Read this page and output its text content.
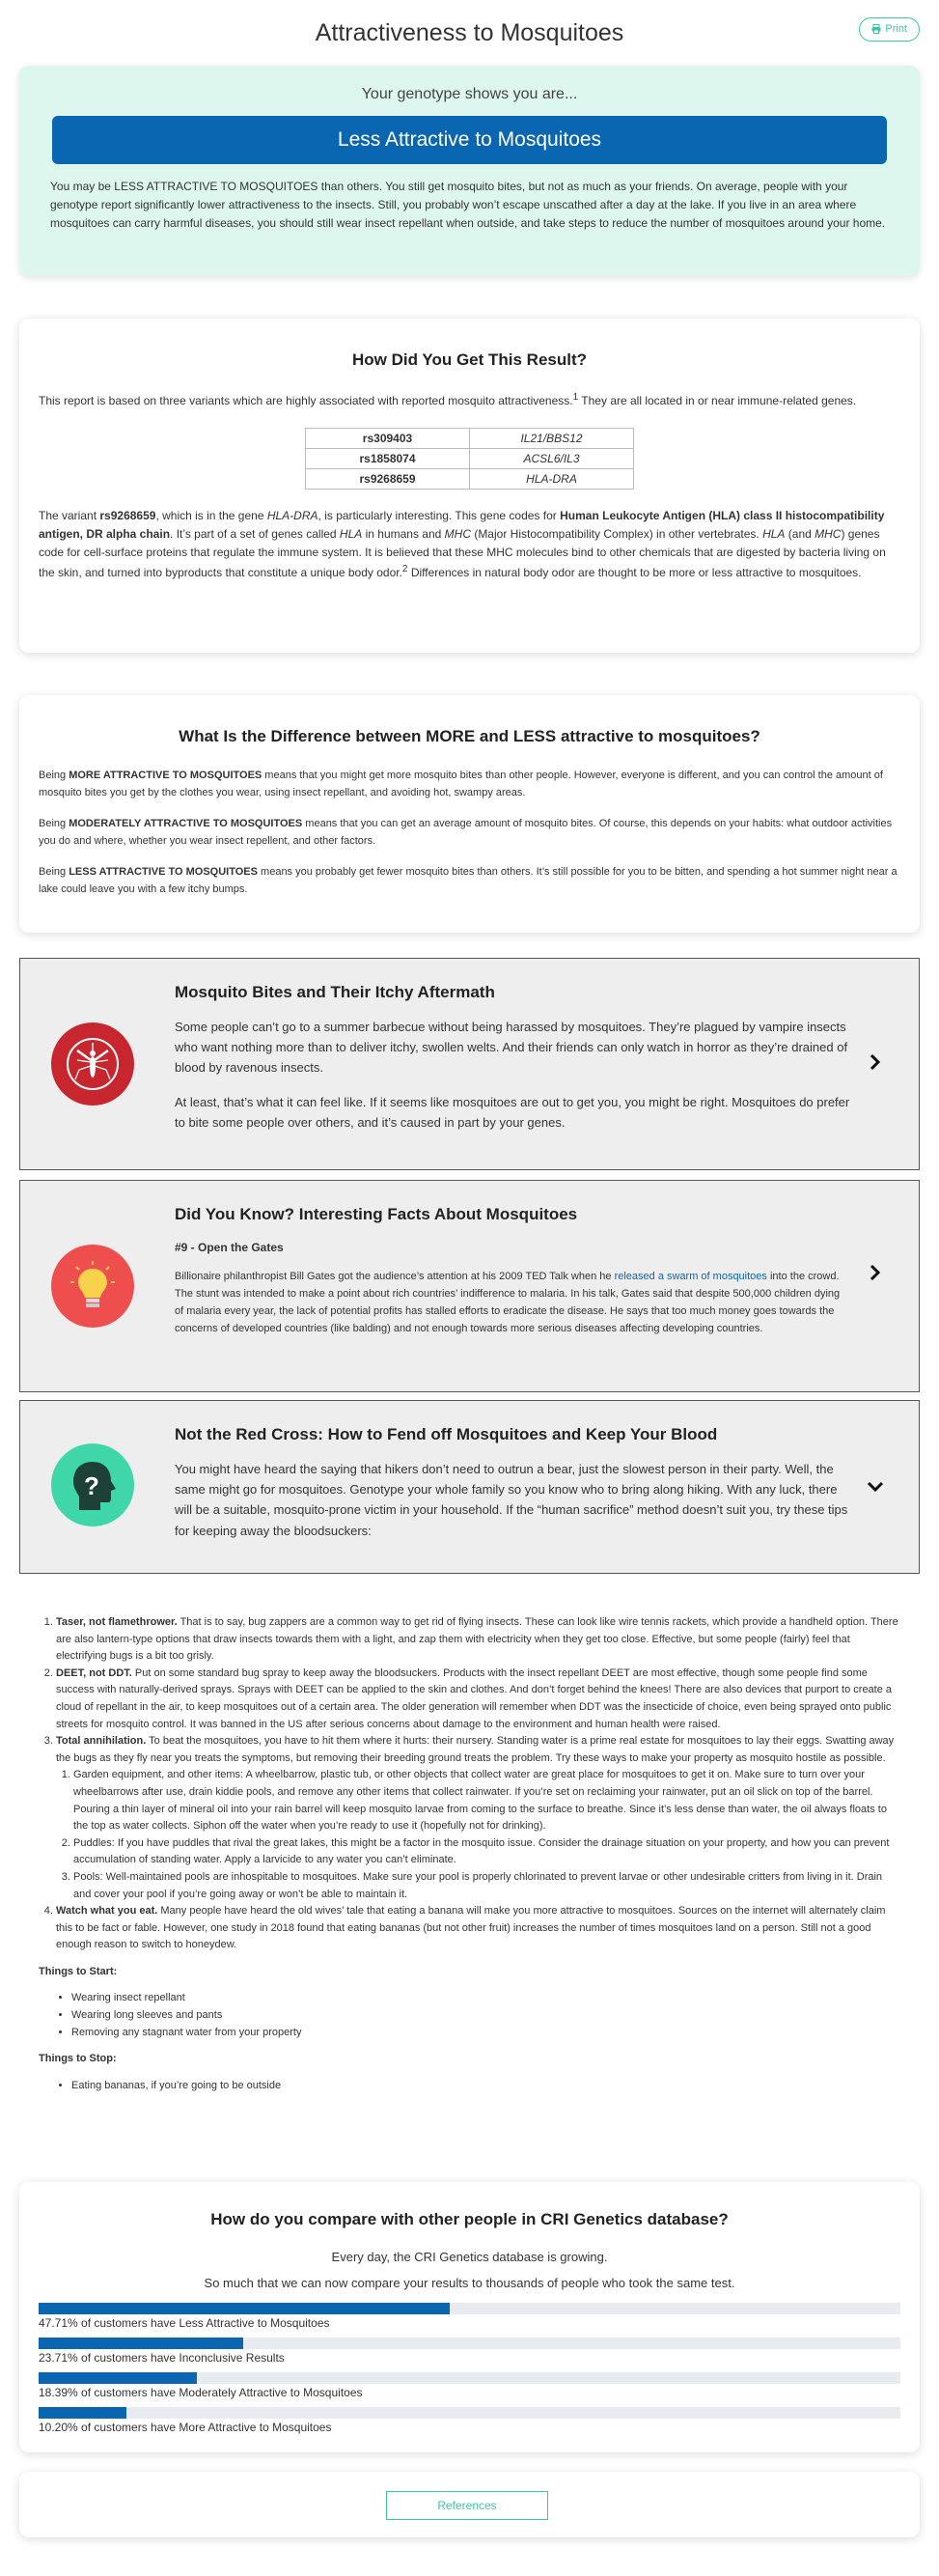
Attractiveness to Mosquitoes	Print
Your genotype shows you are...
Less Attractive to Mosquitoes

You may be LESS ATTRACTIVE TO MOSQUITOES than others. You still get mosquito bites, but not as much as your friends. On average, people with your genotype report significantly lower attractiveness to the insects. Still, you probably won’t escape unscathed after a day at the lake. If you live in an area where mosquitoes can carry harmful diseases, you should still wear insect repellant when outside, and take steps to reduce the number of mosquitoes around your home.

How Did You Get This Result?

This report is based on three variants which are highly associated with reported mosquito attractiveness.$^1$ They are all located in or near immune-related genes.

rs309403	IL21/BBS12
rs1858074	ACSL6/IL3
rs9268659	HLA-DRA

The variant rs9268659, which is in the gene HLA-DRA, is particularly interesting. This gene codes for Human Leukocyte Antigen (HLA) class II histocompatibility antigen, DR alpha chain. It’s part of a set of genes called HLA in humans and MHC (Major Histocompatibility Complex) in other vertebrates. HLA (and MHC) genes code for cell-surface proteins that regulate the immune system. It is believed that these MHC molecules bind to other chemicals that are digested by bacteria living on the skin, and turned into byproducts that constitute a unique body odor.$^2$ Differences in natural body odor are thought to be more or less attractive to mosquitoes.

What Is the Difference between MORE and LESS attractive to mosquitoes?

Being MORE ATTRACTIVE TO MOSQUITOES means that you might get more mosquito bites than other people. However, everyone is different, and you can control the amount of mosquito bites you get by the clothes you wear, using insect repellant, and avoiding hot, swampy areas.

Being MODERATELY ATTRACTIVE TO MOSQUITOES means that you can get an average amount of mosquito bites. Of course, this depends on your habits: what outdoor activities you do and where, whether you wear insect repellent, and other factors.

Being LESS ATTRACTIVE TO MOSQUITOES means you probably get fewer mosquito bites than others. It’s still possible for you to be bitten, and spending a hot summer night near a lake could leave you with a few itchy bumps.

Mosquito Bites and Their Itchy Aftermath

Some people can’t go to a summer barbecue without being harassed by mosquitoes. They’re plagued by vampire insects who want nothing more than to deliver itchy, swollen welts. And their friends can only watch in horror as they’re drained of blood by ravenous insects.

At least, that’s what it can feel like. If it seems like mosquitoes are out to get you, you might be right. Mosquitoes do prefer to bite some people over others, and it’s caused in part by your genes.

Did You Know? Interesting Facts About Mosquitoes
#9 - Open the Gates

Billionaire philanthropist Bill Gates got the audience’s attention at his 2009 TED Talk when he released a swarm of mosquitoes into the crowd. The stunt was intended to make a point about rich countries’ indifference to malaria. In his talk, Gates said that despite 500,000 children dying of malaria every year, the lack of potential profits has stalled efforts to eradicate the disease. He says that too much money goes towards the concerns of developed countries (like balding) and not enough towards more serious diseases affecting developing countries.

?
Not the Red Cross: How to Fend off Mosquitoes and Keep Your Blood

You might have heard the saying that hikers don’t need to outrun a bear, just the slowest person in their party. Well, the same might go for mosquitoes. Genotype your whole family so you know who to bring along hiking. With any luck, there will be a suitable, mosquito-prone victim in your household. If the “human sacrifice” method doesn’t suit you, try these tips for keeping away the bloodsuckers:

1. Taser, not flamethrower. That is to say, bug zappers are a common way to get rid of flying insects. These can look like wire tennis rackets, which provide a handheld option. There are also lantern-type options that draw insects towards them with a light, and zap them with electricity when they get too close. Effective, but some people (fairly) feel that electrifying bugs is a bit too grisly.
2. DEET, not DDT. Put on some standard bug spray to keep away the bloodsuckers. Products with the insect repellant DEET are most effective, though some people find some success with naturally-derived sprays. Sprays with DEET can be applied to the skin and clothes. And don’t forget behind the knees! There are also devices that purport to create a cloud of repellant in the air, to keep mosquitoes out of a certain area. The older generation will remember when DDT was the insecticide of choice, even being sprayed onto public streets for mosquito control. It was banned in the US after serious concerns about damage to the environment and human health were raised.
3. Total annihilation. To beat the mosquitoes, you have to hit them where it hurts: their nursery. Standing water is a prime real estate for mosquitoes to lay their eggs. Swatting away the bugs as they fly near you treats the symptoms, but removing their breeding ground treats the problem. Try these ways to make your property as mosquito hostile as possible.
1. Garden equipment, and other items: A wheelbarrow, plastic tub, or other objects that collect water are great place for mosquitoes to get it on. Make sure to turn over your wheelbarrows after use, drain kiddie pools, and remove any other items that collect rainwater. If you’re set on reclaiming your rainwater, put an oil slick on top of the barrel. Pouring a thin layer of mineral oil into your rain barrel will keep mosquito larvae from coming to the surface to breathe. Since it’s less dense than water, the oil always floats to the top as water collects. Siphon off the water when you’re ready to use it (hopefully not for drinking).
2. Puddles: If you have puddles that rival the great lakes, this might be a factor in the mosquito issue. Consider the drainage situation on your property, and how you can prevent accumulation of standing water. Apply a larvicide to any water you can’t eliminate.
3. Pools: Well-maintained pools are inhospitable to mosquitoes. Make sure your pool is properly chlorinated to prevent larvae or other undesirable critters from living in it. Drain and cover your pool if you’re going away or won’t be able to maintain it.
4. Watch what you eat. Many people have heard the old wives’ tale that eating a banana will make you more attractive to mosquitoes. Sources on the internet will alternately claim this to be fact or fable. However, one study in 2018 found that eating bananas (but not other fruit) increases the number of times mosquitoes land on a person. Still not a good enough reason to switch to honeydew.
Things to Start:
• Wearing insect repellant
• Wearing long sleeves and pants
• Removing any stagnant water from your property
Things to Stop:
• Eating bananas, if you’re going to be outside
How do you compare with other people in CRI Genetics database?
Every day, the CRI Genetics database is growing.
So much that we can now compare your results to thousands of people who took the same test.
47.71% of customers have Less Attractive to Mosquitoes
23.71% of customers have Inconclusive Results
18.39% of customers have Moderately Attractive to Mosquitoes
10.20% of customers have More Attractive to Mosquitoes
References
